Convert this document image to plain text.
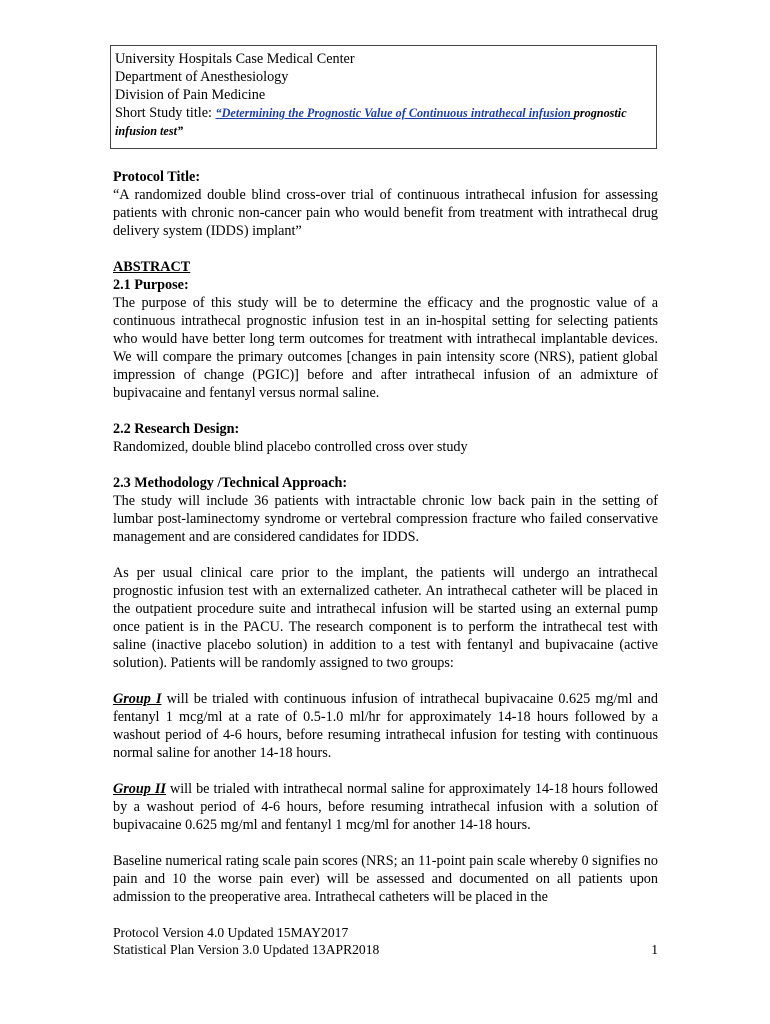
University Hospitals Case Medical Center
Department of Anesthesiology
Division of Pain Medicine
Short Study title: “Determining the Prognostic Value of Continuous intrathecal infusion prognostic infusion test”

Protocol Title:

“A randomized double blind cross-over trial of continuous intrathecal infusion for assessing patients with chronic non-cancer pain who would benefit from treatment with intrathecal drug delivery system (IDDS) implant”

ABSTRACT

2.1 Purpose:

The purpose of this study will be to determine the efficacy and the prognostic value of a continuous intrathecal prognostic infusion test in an in-hospital setting for selecting patients who would have better long term outcomes for treatment with intrathecal implantable devices. We will compare the primary outcomes [changes in pain intensity score (NRS), patient global impression of change (PGIC)] before and after intrathecal infusion of an admixture of bupivacaine and fentanyl versus normal saline.

2.2 Research Design:

Randomized, double blind placebo controlled cross over study

2.3 Methodology /Technical Approach:

The study will include 36 patients with intractable chronic low back pain in the setting of lumbar post-laminectomy syndrome or vertebral compression fracture who failed conservative management and are considered candidates for IDDS.

As per usual clinical care prior to the implant, the patients will undergo an intrathecal prognostic infusion test with an externalized catheter. An intrathecal catheter will be placed in the outpatient procedure suite and intrathecal infusion will be started using an external pump once patient is in the PACU. The research component is to perform the intrathecal test with saline (inactive placebo solution) in addition to a test with fentanyl and bupivacaine (active solution). Patients will be randomly assigned to two groups:

Group I will be trialed with continuous infusion of intrathecal bupivacaine 0.625 mg/ml and fentanyl 1 mcg/ml at a rate of 0.5-1.0 ml/hr for approximately 14-18 hours followed by a washout period of 4-6 hours, before resuming intrathecal infusion for testing with continuous normal saline for another 14-18 hours.

Group II will be trialed with intrathecal normal saline for approximately 14-18 hours followed by a washout period of 4-6 hours, before resuming intrathecal infusion with a solution of bupivacaine 0.625 mg/ml and fentanyl 1 mcg/ml for another 14-18 hours.

Baseline numerical rating scale pain scores (NRS; an 11-point pain scale whereby 0 signifies no pain and 10 the worse pain ever) will be assessed and documented on all patients upon admission to the preoperative area. Intrathecal catheters will be placed in the

Protocol Version 4.0 Updated 15MAY2017
Statistical Plan Version 3.0 Updated 13APR2018	1
